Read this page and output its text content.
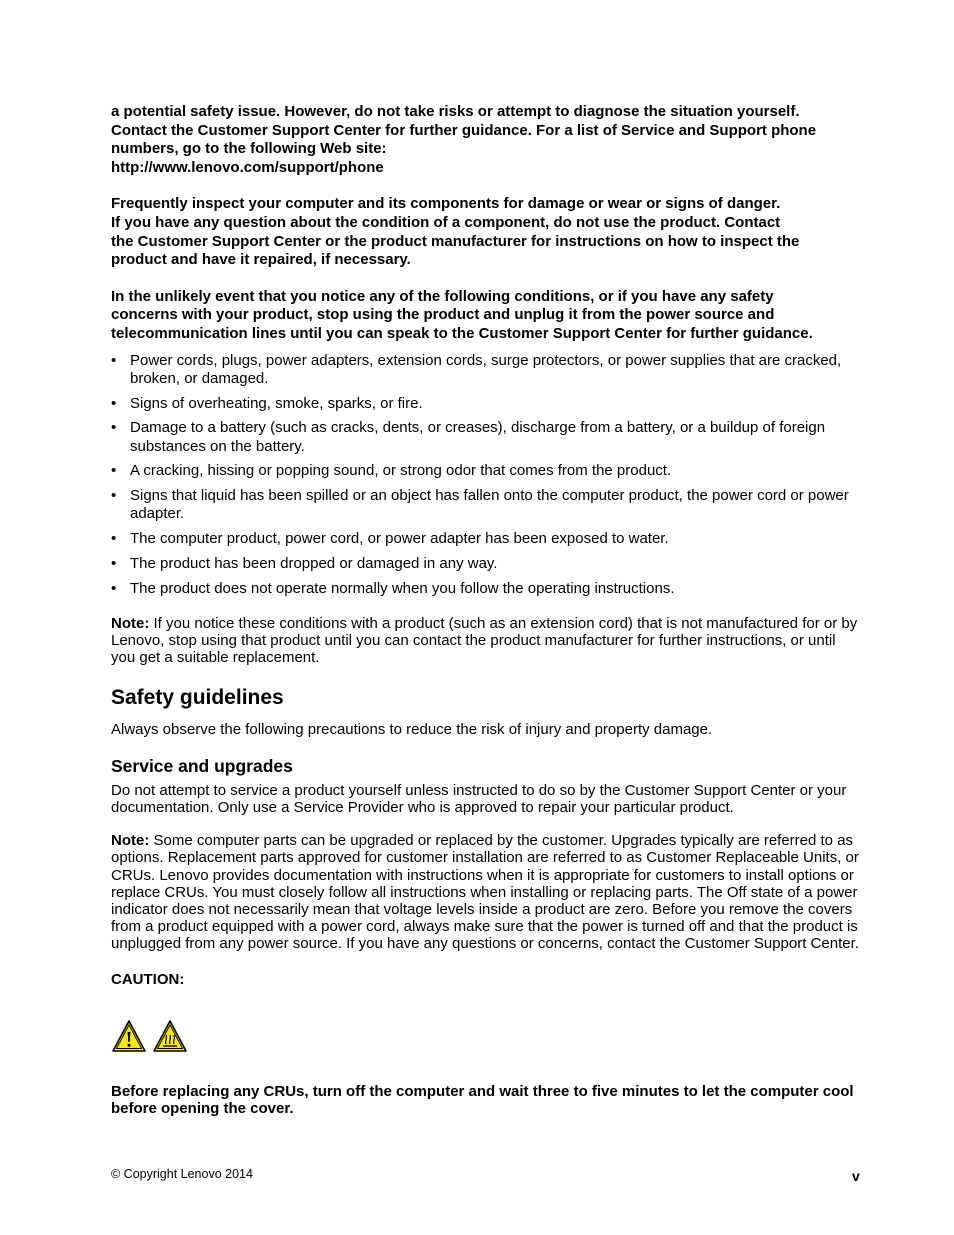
a potential safety issue. However, do not take risks or attempt to diagnose the situation yourself.
Contact the Customer Support Center for further guidance. For a list of Service and Support phone
numbers, go to the following Web site:
http://www.lenovo.com/support/phone

Frequently inspect your computer and its components for damage or wear or signs of danger.
If you have any question about the condition of a component, do not use the product. Contact
the Customer Support Center or the product manufacturer for instructions on how to inspect the
product and have it repaired, if necessary.

In the unlikely event that you notice any of the following conditions, or if you have any safety
concerns with your product, stop using the product and unplug it from the power source and
telecommunication lines until you can speak to the Customer Support Center for further guidance.

• Power cords, plugs, power adapters, extension cords, surge protectors, or power supplies that are cracked, broken, or damaged.
• Signs of overheating, smoke, sparks, or fire.
• Damage to a battery (such as cracks, dents, or creases), discharge from a battery, or a buildup of foreign substances on the battery.
• A cracking, hissing or popping sound, or strong odor that comes from the product.
• Signs that liquid has been spilled or an object has fallen onto the computer product, the power cord or power adapter.
• The computer product, power cord, or power adapter has been exposed to water.
• The product has been dropped or damaged in any way.
• The product does not operate normally when you follow the operating instructions.

Note: If you notice these conditions with a product (such as an extension cord) that is not manufactured for or by Lenovo, stop using that product until you can contact the product manufacturer for further instructions, or until you get a suitable replacement.

Safety guidelines

Always observe the following precautions to reduce the risk of injury and property damage.

Service and upgrades

Do not attempt to service a product yourself unless instructed to do so by the Customer Support Center or your documentation. Only use a Service Provider who is approved to repair your particular product.

Note: Some computer parts can be upgraded or replaced by the customer. Upgrades typically are referred to as options. Replacement parts approved for customer installation are referred to as Customer Replaceable Units, or CRUs. Lenovo provides documentation with instructions when it is appropriate for customers to install options or replace CRUs. You must closely follow all instructions when installing or replacing parts. The Off state of a power indicator does not necessarily mean that voltage levels inside a product are zero. Before you remove the covers from a product equipped with a power cord, always make sure that the power is turned off and that the product is unplugged from any power source. If you have any questions or concerns, contact the Customer Support Center.

CAUTION:

Before replacing any CRUs, turn off the computer and wait three to five minutes to let the computer cool before opening the cover.

© Copyright Lenovo 2014	v
